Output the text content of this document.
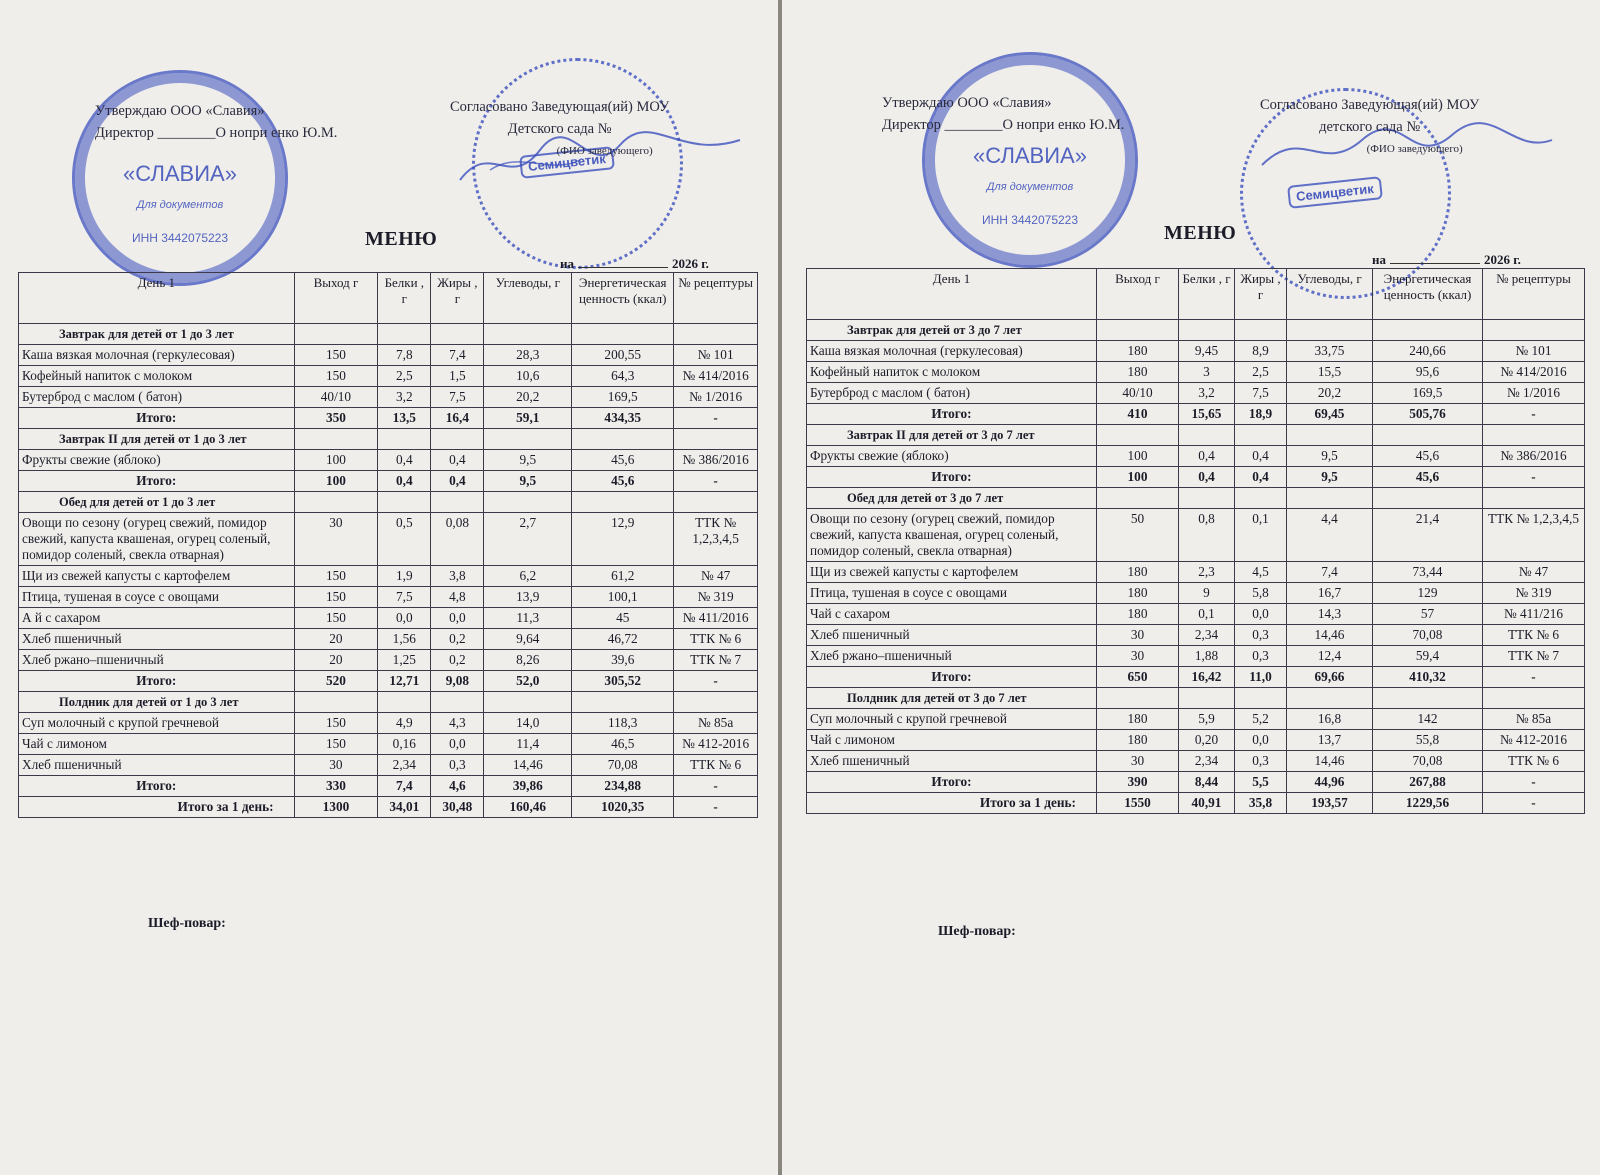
«СЛАВИА»
Для документов
ИНН 3442075223
Семицветик
Утверждаю ООО «Славия»
Директор ________О нопри енко Ю.М.
Согласовано Заведующая(ий) МОУ
Детского сада №
(ФИО заведующего)
МЕНЮ
на	2026 г.
День 1	Выход г	Белки , г	Жиры , г	Углеводы, г	Энергетическая ценность (ккал)	№ рецептуры
Завтрак для детей от 1 до 3 лет						
Каша вязкая молочная (геркулесовая)	150	7,8	7,4	28,3	200,55	№ 101
Кофейный напиток с молоком	150	2,5	1,5	10,6	64,3	№ 414/2016
Бутерброд с маслом ( батон)	40/10	3,2	7,5	20,2	169,5	№ 1/2016
Итого:	350	13,5	16,4	59,1	434,35	-
Завтрак II для детей от 1 до 3 лет						
Фрукты свежие (яблоко)	100	0,4	0,4	9,5	45,6	№ 386/2016
Итого:	100	0,4	0,4	9,5	45,6	-
Обед для детей от 1 до 3 лет						
Овощи по сезону (огурец свежий, помидор свежий, капуста квашеная, огурец соленый, помидор соленый, свекла отварная)	30	0,5	0,08	2,7	12,9	ТТК № 1,2,3,4,5
Щи из свежей капусты с картофелем	150	1,9	3,8	6,2	61,2	№ 47
Птица, тушеная в соусе с овощами	150	7,5	4,8	13,9	100,1	№ 319
А й с сахаром	150	0,0	0,0	11,3	45	№ 411/2016
Хлеб пшеничный	20	1,56	0,2	9,64	46,72	ТТК № 6
Хлеб ржано–пшеничный	20	1,25	0,2	8,26	39,6	ТТК № 7
Итого:	520	12,71	9,08	52,0	305,52	-
Полдник для детей от 1 до 3 лет						
Суп молочный с крупой гречневой	150	4,9	4,3	14,0	118,3	№ 85а
Чай с лимоном	150	0,16	0,0	11,4	46,5	№ 412-2016
Хлеб пшеничный	30	2,34	0,3	14,46	70,08	ТТК № 6
Итого:	330	7,4	4,6	39,86	234,88	-
Итого за 1 день:	1300	34,01	30,48	160,46	1020,35	-
Шеф-повар:
«СЛАВИА»
Для документов
ИНН 3442075223
Семицветик
Утверждаю ООО «Славия»
Директор ________О нопри енко Ю.М.
Согласовано Заведующая(ий) МОУ
детского сада №
(ФИО заведующего)
МЕНЮ
на	2026 г.
День 1	Выход г	Белки , г	Жиры , г	Углеводы, г	Энергетическая ценность (ккал)	№ рецептуры
Завтрак для детей от 3 до 7 лет						
Каша вязкая молочная (геркулесовая)	180	9,45	8,9	33,75	240,66	№ 101
Кофейный напиток с молоком	180	3	2,5	15,5	95,6	№ 414/2016
Бутерброд с маслом ( батон)	40/10	3,2	7,5	20,2	169,5	№ 1/2016
Итого:	410	15,65	18,9	69,45	505,76	-
Завтрак II для детей от 3 до 7 лет						
Фрукты свежие (яблоко)	100	0,4	0,4	9,5	45,6	№ 386/2016
Итого:	100	0,4	0,4	9,5	45,6	-
Обед для детей от 3 до 7 лет						
Овощи по сезону (огурец свежий, помидор свежий, капуста квашеная, огурец соленый, помидор соленый, свекла отварная)	50	0,8	0,1	4,4	21,4	ТТК № 1,2,3,4,5
Щи из свежей капусты с картофелем	180	2,3	4,5	7,4	73,44	№ 47
Птица, тушеная в соусе с овощами	180	9	5,8	16,7	129	№ 319
Чай с сахаром	180	0,1	0,0	14,3	57	№ 411/216
Хлеб пшеничный	30	2,34	0,3	14,46	70,08	ТТК № 6
Хлеб ржано–пшеничный	30	1,88	0,3	12,4	59,4	ТТК № 7
Итого:	650	16,42	11,0	69,66	410,32	-
Полдник для детей от 3 до 7 лет						
Суп молочный с крупой гречневой	180	5,9	5,2	16,8	142	№ 85а
Чай с лимоном	180	0,20	0,0	13,7	55,8	№ 412-2016
Хлеб пшеничный	30	2,34	0,3	14,46	70,08	ТТК № 6
Итого:	390	8,44	5,5	44,96	267,88	-
Итого за 1 день:	1550	40,91	35,8	193,57	1229,56	-
Шеф-повар:
